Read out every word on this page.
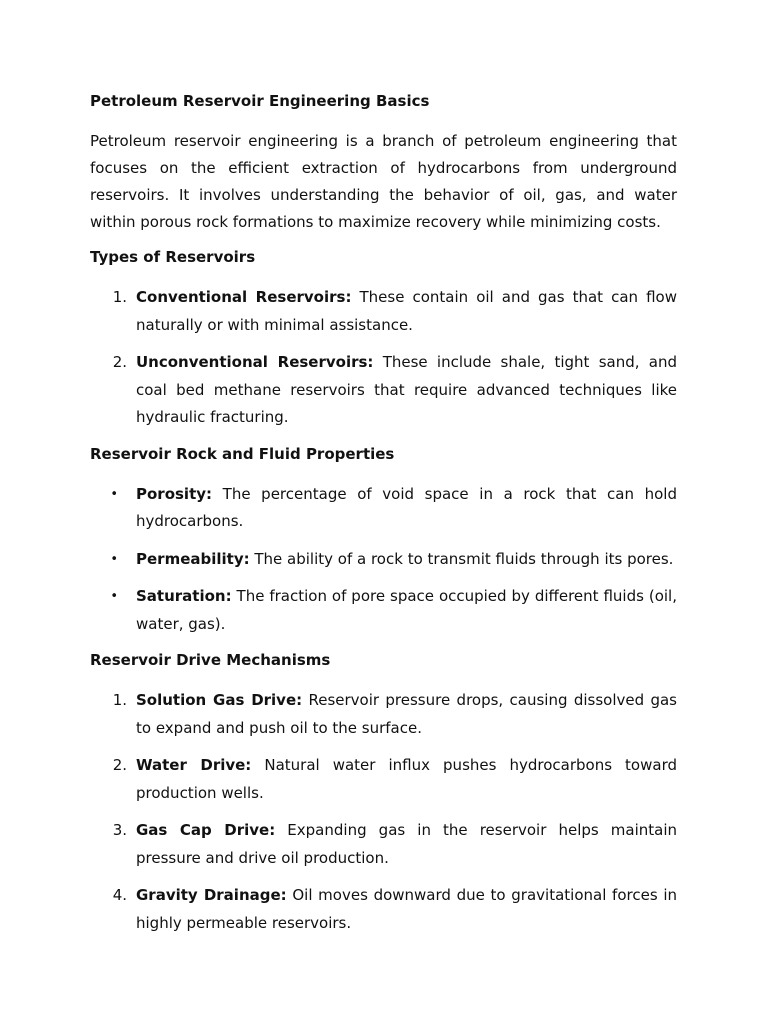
Petroleum Reservoir Engineering Basics

Petroleum reservoir engineering is a branch of petroleum engineering that focuses on the efficient extraction of hydrocarbons from underground reservoirs. It involves understanding the behavior of oil, gas, and water within porous rock formations to maximize recovery while minimizing costs.

Types of Reservoirs
1. Conventional Reservoirs: These contain oil and gas that can flow naturally or with minimal assistance.
2. Unconventional Reservoirs: These include shale, tight sand, and coal bed methane reservoirs that require advanced techniques like hydraulic fracturing.
Reservoir Rock and Fluid Properties
• Porosity: The percentage of void space in a rock that can hold hydrocarbons.
• Permeability: The ability of a rock to transmit fluids through its pores.
• Saturation: The fraction of pore space occupied by different fluids (oil, water, gas).
Reservoir Drive Mechanisms
1. Solution Gas Drive: Reservoir pressure drops, causing dissolved gas to expand and push oil to the surface.
2. Water Drive: Natural water influx pushes hydrocarbons toward production wells.
3. Gas Cap Drive: Expanding gas in the reservoir helps maintain pressure and drive oil production.
4. Gravity Drainage: Oil moves downward due to gravitational forces in highly permeable reservoirs.
